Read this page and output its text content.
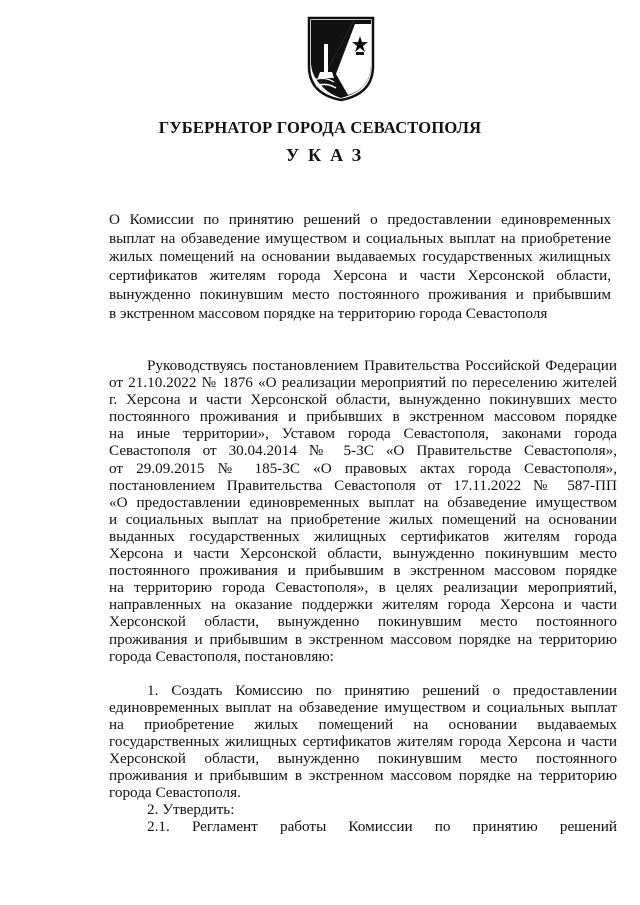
ГУБЕРНАТОР ГОРОДА СЕВАСТОПОЛЯ
УКАЗ
О Комиссии по принятию решений о предоставлении единовременных
выплат на обзаведение имуществом и социальных выплат на приобретение
жилых помещений на основании выдаваемых государственных жилищных
сертификатов жителям города Херсона и части Херсонской области,
вынужденно покинувшим место постоянного проживания и прибывшим
в экстренном массовом порядке на территорию города Севастополя
Руководствуясь постановлением Правительства Российской Федерации
от 21.10.2022 № 1876 «О реализации мероприятий по переселению жителей
г. Херсона и части Херсонской области, вынужденно покинувших место
постоянного проживания и прибывших в экстренном массовом порядке
на иные территории», Уставом города Севастополя, законами города
Севастополя от 30.04.2014 № 5-ЗС «О Правительстве Севастополя»,
от 29.09.2015 № 185-ЗС «О правовых актах города Севастополя»,
постановлением Правительства Севастополя от 17.11.2022 № 587-ПП
«О предоставлении единовременных выплат на обзаведение имуществом
и социальных выплат на приобретение жилых помещений на основании
выданных государственных жилищных сертификатов жителям города
Херсона и части Херсонской области, вынужденно покинувшим место
постоянного проживания и прибывшим в экстренном массовом порядке
на территорию города Севастополя», в целях реализации мероприятий,
направленных на оказание поддержки жителям города Херсона и части
Херсонской области, вынужденно покинувшим место постоянного
проживания и прибывшим в экстренном массовом порядке на территорию
города Севастополя, постановляю:
1. Создать Комиссию по принятию решений о предоставлении
единовременных выплат на обзаведение имуществом и социальных выплат
на приобретение жилых помещений на основании выдаваемых
государственных жилищных сертификатов жителям города Херсона и части
Херсонской области, вынужденно покинувшим место постоянного
проживания и прибывшим в экстренном массовом порядке на территорию
города Севастополя.
2. Утвердить:
2.1. Регламент работы Комиссии по принятию решений
